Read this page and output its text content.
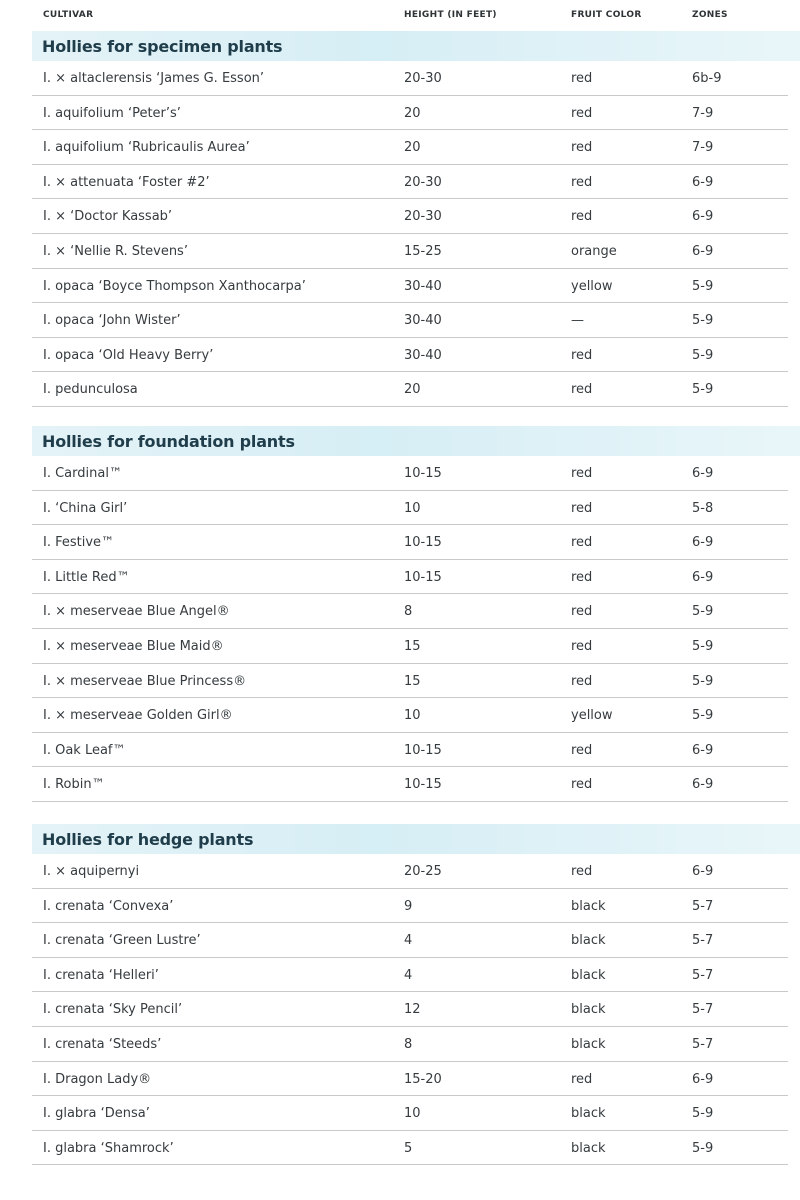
CULTIVAR	HEIGHT (IN FEET)	FRUIT COLOR	ZONES
Hollies for specimen plants
I. × altaclerensis ‘James G. Esson’	20-30	red	6b-9
I. aquifolium ‘Peter’s’	20	red	7-9
I. aquifolium ‘Rubricaulis Aurea’	20	red	7-9
I. × attenuata ‘Foster #2’	20-30	red	6-9
I. × ‘Doctor Kassab’	20-30	red	6-9
I. × ‘Nellie R. Stevens’	15-25	orange	6-9
I. opaca ‘Boyce Thompson Xanthocarpa’	30-40	yellow	5-9
I. opaca ‘John Wister’	30-40	—	5-9
I. opaca ‘Old Heavy Berry’	30-40	red	5-9
I. pedunculosa	20	red	5-9
Hollies for foundation plants
I. Cardinal™	10-15	red	6-9
I. ‘China Girl’	10	red	5-8
I. Festive™	10-15	red	6-9
I. Little Red™	10-15	red	6-9
I. × meserveae Blue Angel®	8	red	5-9
I. × meserveae Blue Maid®	15	red	5-9
I. × meserveae Blue Princess®	15	red	5-9
I. × meserveae Golden Girl®	10	yellow	5-9
I. Oak Leaf™	10-15	red	6-9
I. Robin™	10-15	red	6-9
Hollies for hedge plants
I. × aquipernyi	20-25	red	6-9
I. crenata ‘Convexa’	9	black	5-7
I. crenata ‘Green Lustre’	4	black	5-7
I. crenata ‘Helleri’	4	black	5-7
I. crenata ‘Sky Pencil’	12	black	5-7
I. crenata ‘Steeds’	8	black	5-7
I. Dragon Lady®	15-20	red	6-9
I. glabra ‘Densa’	10	black	5-9
I. glabra ‘Shamrock’	5	black	5-9
